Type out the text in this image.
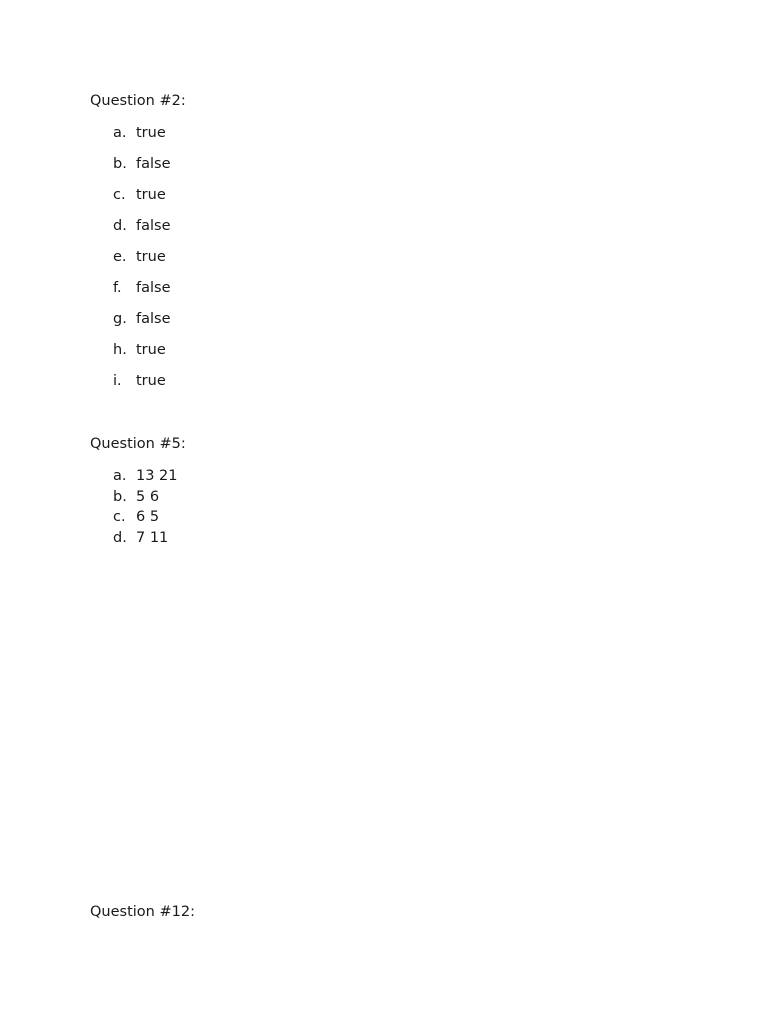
Question #2:
a. true
b. false
c. true
d. false
e. true
f. false
g. false
h. true
i. true
Question #5:
a. 13 21
b. 5 6
c. 6 5
d. 7 11
Question #12:
